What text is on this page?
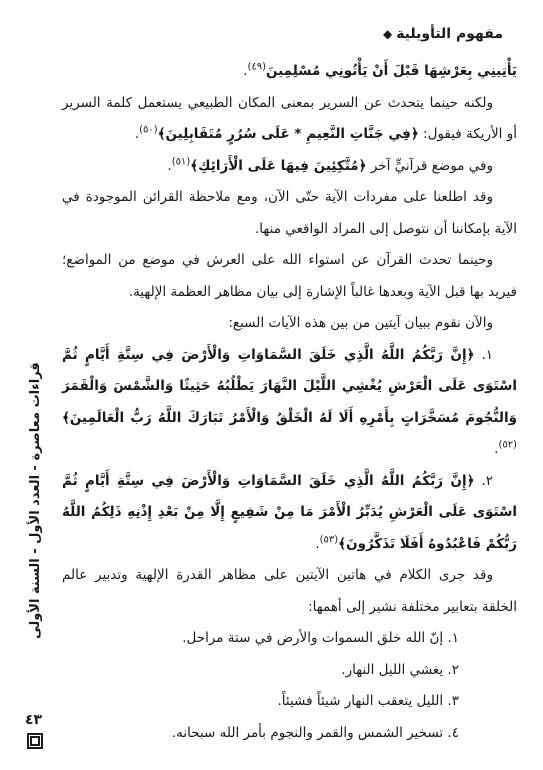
مفهوم التأويلية
◆
قراءات معاصرة - العدد الأول - السنة الأولى
٤٣

يَأْتِينِي بِعَرْشِهَا قَبْلَ أَنْ يَأْتُونِي مُسْلِمِينَ$^{(٤٩)}$.

ولكنه حينما يتحدث عن السرير بمعنى المكان الطبيعي يستعمل كلمة السرير أو الأريكة فيقول: ﴿فِي جَنَّاتِ النَّعِيمِ * عَلَى سُرُرٍ مُتَقَابِلِينَ﴾$^{(٥٠)}$.

وفي موضع قرآنيٍّ آخر ﴿مُتَّكِئِينَ فِيهَا عَلَى الْأَرَائِكِ﴾$^{(٥١)}$.

وقد اطلعنا على مفردات الآية حتّى الآن، ومع ملاحظة القرائن الموجودة في الآية بإمكاننا أن نتوصل إلى المراد الواقعي منها.

وحينما تحدث القرآن عن استواء الله على العرش في موضع من المواضع؛ فيريد بها قبل الآية وبعدها غالباً الإشارة إلى بيان مظاهر العظمة الإلهية.

والآن نقوم ببيان آيتين من بين هذه الآيات السبع:

١. ﴿إِنَّ رَبَّكُمُ اللَّهُ الَّذِي خَلَقَ السَّمَاوَاتِ وَالْأَرْضَ فِي سِتَّةِ أَيَّامٍ ثُمَّ اسْتَوَى عَلَى الْعَرْشِ يُغْشِي اللَّيْلَ النَّهَارَ يَطْلُبُهُ حَثِيثًا وَالشَّمْسَ وَالْقَمَرَ وَالنُّجُومَ مُسَخَّرَاتٍ بِأَمْرِهِ أَلَا لَهُ الْخَلْقُ وَالْأَمْرُ تَبَارَكَ اللَّهُ رَبُّ الْعَالَمِينَ﴾$^{(٥٢)}$.

٢. ﴿إِنَّ رَبَّكُمُ اللَّهُ الَّذِي خَلَقَ السَّمَاوَاتِ وَالْأَرْضَ فِي سِتَّةِ أَيَّامٍ ثُمَّ اسْتَوَى عَلَى الْعَرْشِ يُدَبِّرُ الْأَمْرَ مَا مِنْ شَفِيعٍ إِلَّا مِنْ بَعْدِ إِذْنِهِ ذَلِكُمُ اللَّهُ رَبُّكُمْ فَاعْبُدُوهُ أَفَلَا تَذَكَّرُونَ﴾$^{(٥٣)}$.

وقد جرى الكلام في هاتين الآيتين على مظاهر القدرة الإلهية وتدبير عالم الخلقة بتعابير مختلفة نشير إلى أهمها:

١. إنّ الله خلق السموات والأرض في ستة مراحل.

٢. يغشي الليل النهار.

٣. الليل يتعقب النهار شيئاً فشيئاً.

٤. تسخير الشمس والقمر والنجوم بأمر الله سبحانه.
